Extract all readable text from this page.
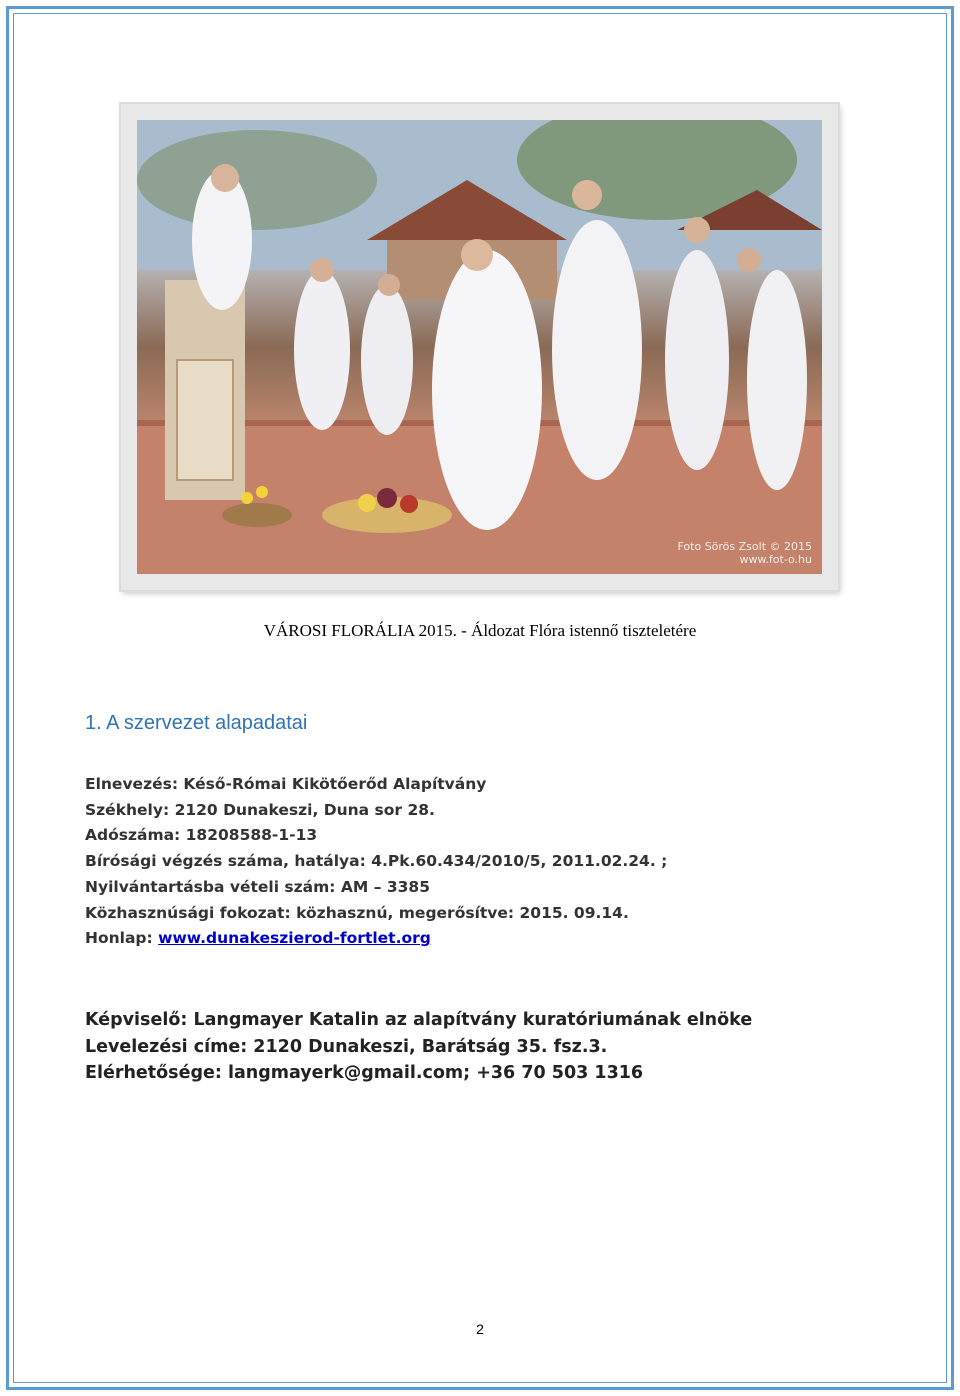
Foto Sörös Zsolt © 2015
www.fot-o.hu
VÁROSI FLORÁLIA 2015. - Áldozat Flóra istennő tiszteletére
1. A szervezet alapadatai
Elnevezés: Késő-Római Kikötőerőd Alapítvány
Székhely: 2120 Dunakeszi, Duna sor 28.
Adószáma: 18208588-1-13
Bírósági végzés száma, hatálya: 4.Pk.60.434/2010/5, 2011.02.24. ;
Nyilvántartásba vételi szám: AM – 3385
Közhasznúsági fokozat: közhasznú, megerősítve: 2015. 09.14.
Honlap: www.dunakeszierod-fortlet.org
Képviselő: Langmayer Katalin az alapítvány kuratóriumának elnöke
Levelezési címe: 2120 Dunakeszi, Barátság 35. fsz.3.
Elérhetősége: langmayerk@gmail.com; +36 70 503 1316
2
